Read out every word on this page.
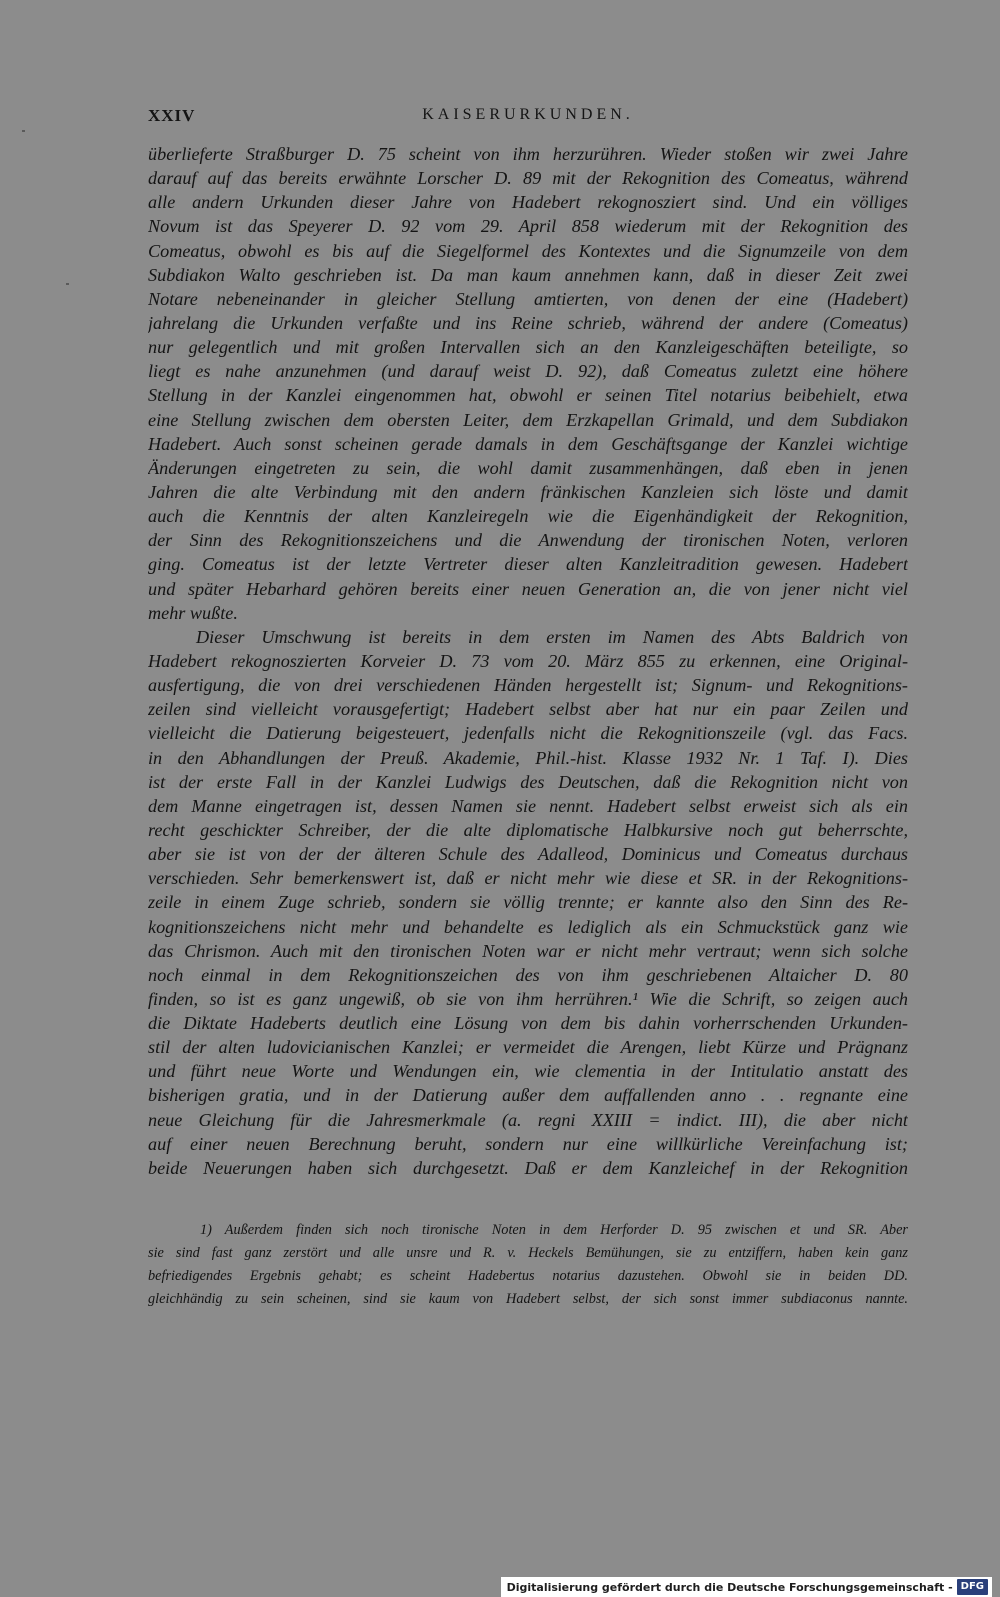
XXIV	KAISERURKUNDEN.
überlieferte Straßburger D. 75 scheint von ihm herzurühren. Wieder stoßen wir zwei Jahre
darauf auf das bereits erwähnte Lorscher D. 89 mit der Rekognition des Comeatus, während
alle andern Urkunden dieser Jahre von Hadebert rekognosziert sind. Und ein völliges
Novum ist das Speyerer D. 92 vom 29. April 858 wiederum mit der Rekognition des
Comeatus, obwohl es bis auf die Siegelformel des Kontextes und die Signumzeile von dem
Subdiakon Walto geschrieben ist. Da man kaum annehmen kann, daß in dieser Zeit zwei
Notare nebeneinander in gleicher Stellung amtierten, von denen der eine (Hadebert)
jahrelang die Urkunden verfaßte und ins Reine schrieb, während der andere (Comeatus)
nur gelegentlich und mit großen Intervallen sich an den Kanzleigeschäften beteiligte, so
liegt es nahe anzunehmen (und darauf weist D. 92), daß Comeatus zuletzt eine höhere
Stellung in der Kanzlei eingenommen hat, obwohl er seinen Titel notarius beibehielt, etwa
eine Stellung zwischen dem obersten Leiter, dem Erzkapellan Grimald, und dem Subdiakon
Hadebert. Auch sonst scheinen gerade damals in dem Geschäftsgange der Kanzlei wichtige
Änderungen eingetreten zu sein, die wohl damit zusammenhängen, daß eben in jenen
Jahren die alte Verbindung mit den andern fränkischen Kanzleien sich löste und damit
auch die Kenntnis der alten Kanzleiregeln wie die Eigenhändigkeit der Rekognition,
der Sinn des Rekognitionszeichens und die Anwendung der tironischen Noten, verloren
ging. Comeatus ist der letzte Vertreter dieser alten Kanzleitradition gewesen. Hadebert
und später Hebarhard gehören bereits einer neuen Generation an, die von jener nicht viel
mehr wußte.
Dieser Umschwung ist bereits in dem ersten im Namen des Abts Baldrich von
Hadebert rekognoszierten Korveier D. 73 vom 20. März 855 zu erkennen, eine Original-
ausfertigung, die von drei verschiedenen Händen hergestellt ist; Signum- und Rekognitions-
zeilen sind vielleicht vorausgefertigt; Hadebert selbst aber hat nur ein paar Zeilen und
vielleicht die Datierung beigesteuert, jedenfalls nicht die Rekognitionszeile (vgl. das Facs.
in den Abhandlungen der Preuß. Akademie, Phil.-hist. Klasse 1932 Nr. 1 Taf. I). Dies
ist der erste Fall in der Kanzlei Ludwigs des Deutschen, daß die Rekognition nicht von
dem Manne eingetragen ist, dessen Namen sie nennt. Hadebert selbst erweist sich als ein
recht geschickter Schreiber, der die alte diplomatische Halbkursive noch gut beherrschte,
aber sie ist von der der älteren Schule des Adalleod, Dominicus und Comeatus durchaus
verschieden. Sehr bemerkenswert ist, daß er nicht mehr wie diese et SR. in der Rekognitions-
zeile in einem Zuge schrieb, sondern sie völlig trennte; er kannte also den Sinn des Re-
kognitionszeichens nicht mehr und behandelte es lediglich als ein Schmuckstück ganz wie
das Chrismon. Auch mit den tironischen Noten war er nicht mehr vertraut; wenn sich solche
noch einmal in dem Rekognitionszeichen des von ihm geschriebenen Altaicher D. 80
finden, so ist es ganz ungewiß, ob sie von ihm herrühren.¹ Wie die Schrift, so zeigen auch
die Diktate Hadeberts deutlich eine Lösung von dem bis dahin vorherrschenden Urkunden-
stil der alten ludovicianischen Kanzlei; er vermeidet die Arengen, liebt Kürze und Prägnanz
und führt neue Worte und Wendungen ein, wie clementia in der Intitulatio anstatt des
bisherigen gratia, und in der Datierung außer dem auffallenden anno . . regnante eine
neue Gleichung für die Jahresmerkmale (a. regni XXIII = indict. III), die aber nicht
auf einer neuen Berechnung beruht, sondern nur eine willkürliche Vereinfachung ist;
beide Neuerungen haben sich durchgesetzt. Daß er dem Kanzleichef in der Rekognition
1) Außerdem finden sich noch tironische Noten in dem Herforder D. 95 zwischen et und SR. Aber
sie sind fast ganz zerstört und alle unsre und R. v. Heckels Bemühungen, sie zu entziffern, haben kein ganz
befriedigendes Ergebnis gehabt; es scheint Hadebertus notarius dazustehen. Obwohl sie in beiden DD.
gleichhändig zu sein scheinen, sind sie kaum von Hadebert selbst, der sich sonst immer subdiaconus nannte.
Digitalisierung gefördert durch die Deutsche Forschungsgemeinschaft - DFG
